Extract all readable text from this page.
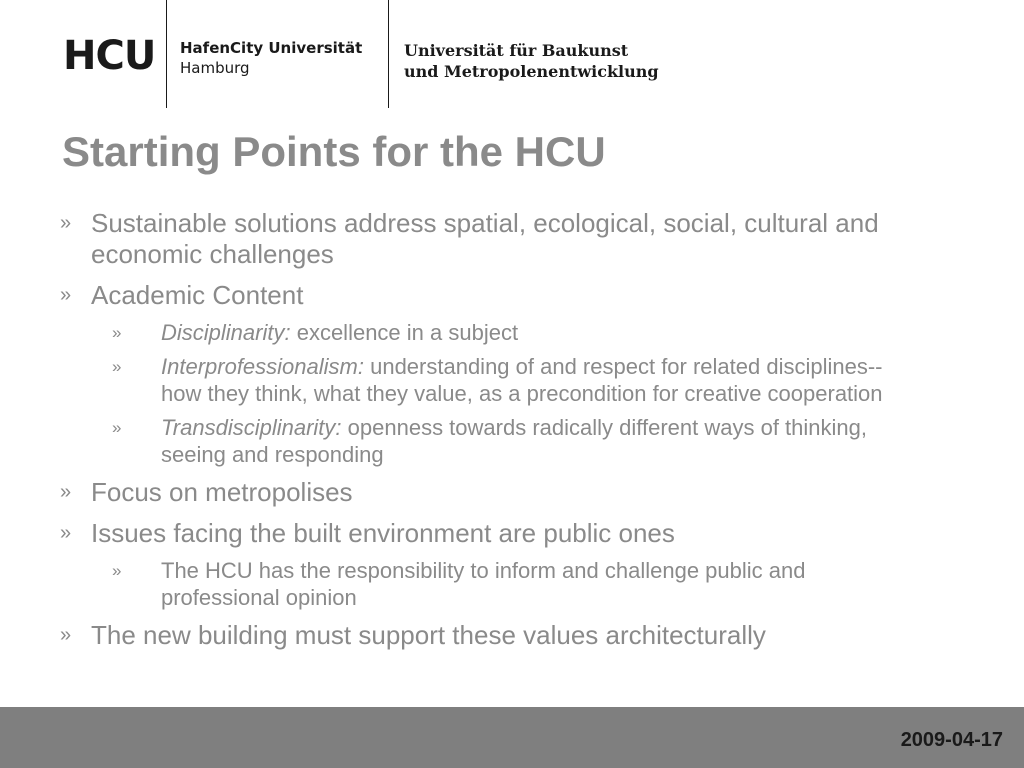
HCU HafenCity Universität
Hamburg
Universität für Baukunst
und Metropolenentwicklung
Starting Points for the HCU
» Sustainable solutions address spatial, ecological, social, cultural and economic challenges
» Academic Content
» Disciplinarity: excellence in a subject
» Interprofessionalism: understanding of and respect for related disciplines--how they think, what they value, as a precondition for creative cooperation
» Transdisciplinarity: openness towards radically different ways of thinking, seeing and responding
» Focus on metropolises
» Issues facing the built environment are public ones
» The HCU has the responsibility to inform and challenge public and professional opinion
» The new building must support these values architecturally
2009-04-17
